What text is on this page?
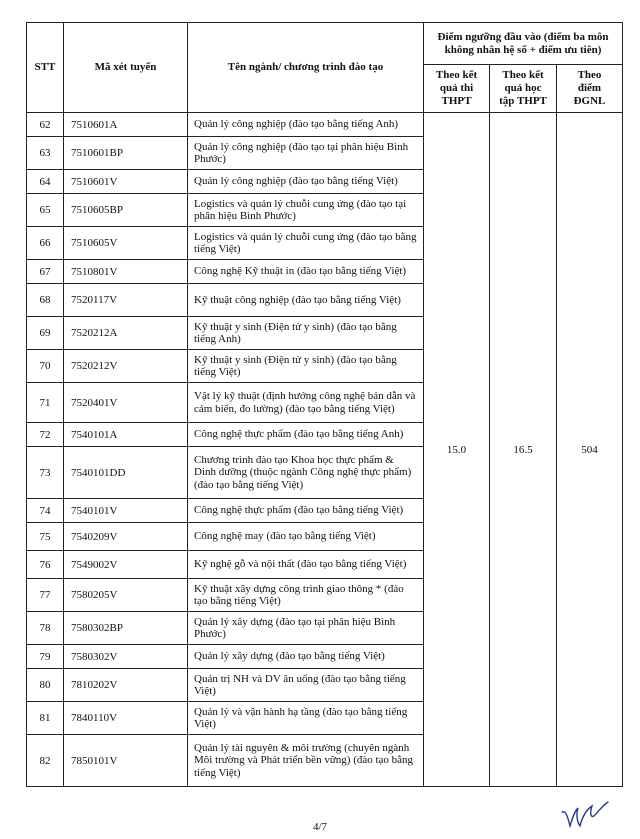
STT	Mã xét tuyển	Tên ngành/ chương trình đào tạo	Điểm ngưỡng đầu vào (điểm ba môn không nhân hệ số + điểm ưu tiên)		
			Theo kết quả thi THPT	Theo kết quả học tập THPT	Theo điểm ĐGNL
62	7510601A	Quản lý công nghiệp (đào tạo bằng tiếng Anh)	15.0	16.5	504
63	7510601BP	Quản lý công nghiệp (đào tạo tại phân hiệu Bình Phước)			
64	7510601V	Quản lý công nghiệp (đào tạo bằng tiếng Việt)			
65	7510605BP	Logistics và quản lý chuỗi cung ứng (đào tạo tại phân hiệu Bình Phước)			
66	7510605V	Logistics và quản lý chuỗi cung ứng (đào tạo bằng tiếng Việt)			
67	7510801V	Công nghệ Kỹ thuật in (đào tạo bằng tiếng Việt)			
68	7520117V	Kỹ thuật công nghiệp (đào tạo bằng tiếng Việt)			
69	7520212A	Kỹ thuật y sinh (Điện tử y sinh) (đào tạo bằng tiếng Anh)			
70	7520212V	Kỹ thuật y sinh (Điện tử y sinh) (đào tạo bằng tiếng Việt)			
71	7520401V	Vật lý kỹ thuật (định hướng công nghệ bán dẫn và cảm biến, đo lường) (đào tạo bằng tiếng Việt)			
72	7540101A	Công nghệ thực phẩm (đào tạo bằng tiếng Anh)			
73	7540101DD	Chương trình đào tạo Khoa học thực phẩm & Dinh dưỡng (thuộc ngành Công nghệ thực phẩm) (đào tạo bằng tiếng Việt)			
74	7540101V	Công nghệ thực phẩm (đào tạo bằng tiếng Việt)			
75	7540209V	Công nghệ may (đào tạo bằng tiếng Việt)			
76	7549002V	Kỹ nghệ gỗ và nội thất (đào tạo bằng tiếng Việt)			
77	7580205V	Kỹ thuật xây dựng công trình giao thông * (đào tạo bằng tiếng Việt)			
78	7580302BP	Quản lý xây dựng (đào tạo tại phân hiệu Bình Phước)			
79	7580302V	Quản lý xây dựng (đào tạo bằng tiếng Việt)			
80	7810202V	Quản trị NH và DV ăn uống (đào tạo bằng tiếng Việt)			
81	7840110V	Quản lý và vận hành hạ tầng (đào tạo bằng tiếng Việt)			
82	7850101V	Quản lý tài nguyên & môi trường (chuyên ngành Môi trường và Phát triển bền vững) (đào tạo bằng tiếng Việt)			
4/7
